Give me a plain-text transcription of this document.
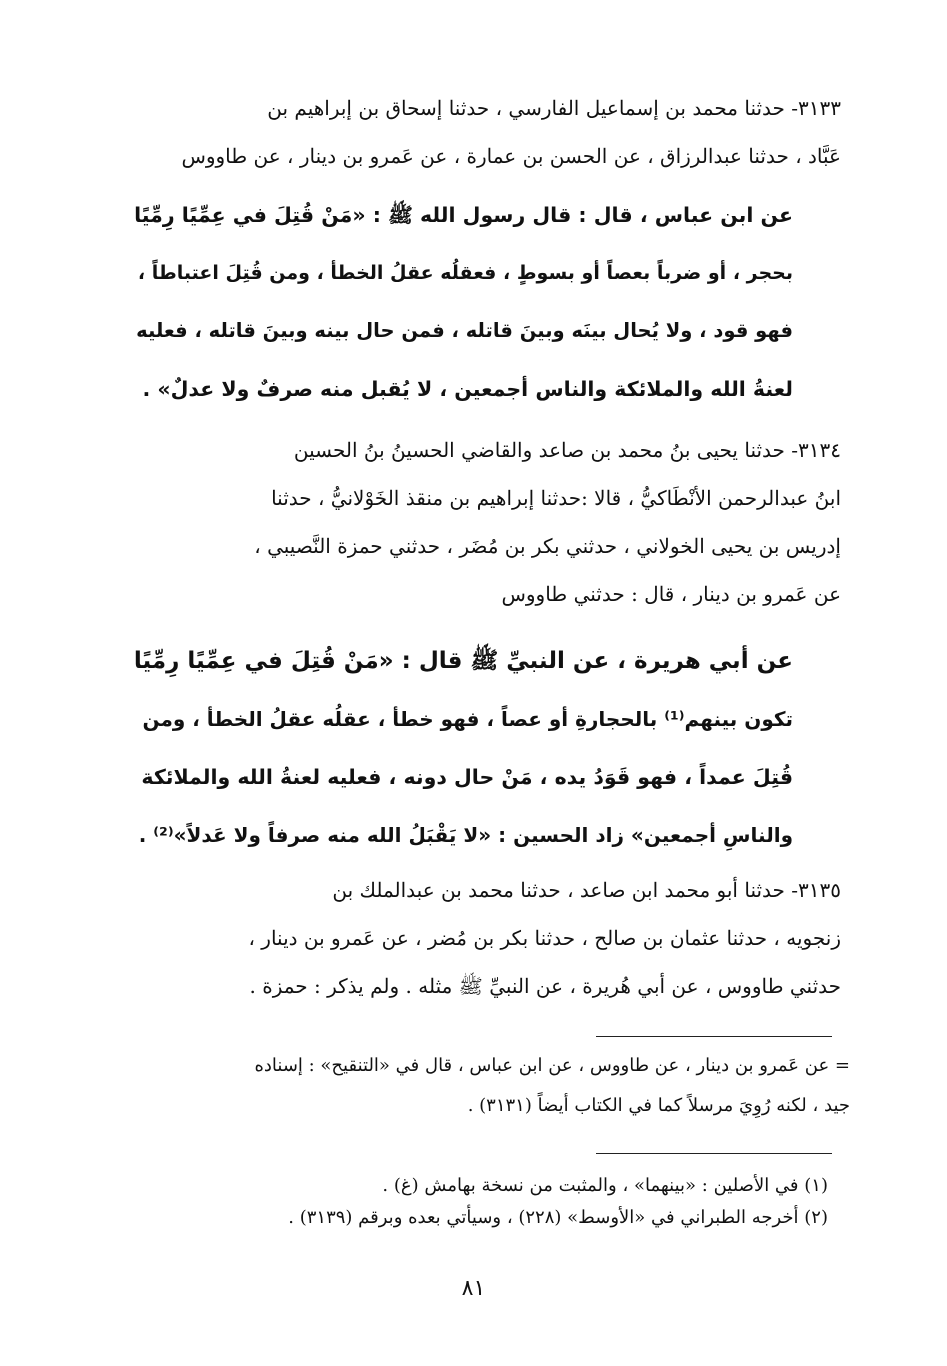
٣١٣٣- حدثنا محمد بن إسماعيل الفارسي ، حدثنا إسحاق بن إبراهيم بن
عَبَّاد ، حدثنا عبدالرزاق ، عن الحسن بن عمارة ، عن عَمرو بن دينار ، عن طاووس
عن ابن عباس ، قال : قال رسول الله ﷺ : «مَنْ قُتِلَ في عِمِّيًا رِمِّيًا
بحجر ، أو ضرباً بعصاً أو بسوطٍ ، فعقلُه عقلُ الخطأ ، ومن قُتِلَ اعتباطاً ،
فهو قود ، ولا يُحال بينَه وبينَ قاتله ، فمن حال بينه وبينَ قاتله ، فعليه
لعنةُ الله والملائكة والناس أجمعين ، لا يُقبل منه صرفٌ ولا عدلٌ» .
٣١٣٤- حدثنا يحيى بنُ محمد بن صاعد والقاضي الحسينُ بنُ الحسين
ابنُ عبدالرحمن الأنْطَاكيُّ ، قالا :حدثنا إبراهيم بن منقذ الخَوْلانيُّ ، حدثنا
إدريس بن يحيى الخولاني ، حدثني بكر بن مُضَر ، حدثني حمزة النَّصيبي ،
عن عَمرو بن دينار ، قال : حدثني طاووس
عن أبي هريرة ، عن النبيِّ ﷺ قال : «مَنْ قُتِلَ في عِمِّيًا رِمِّيًا
تكون بينهم⁽¹⁾ بالحجارةِ أو عصاً ، فهو خطأ ، عقلُه عقلُ الخطأ ، ومن
قُتِلَ عمداً ، فهو قَوَدُ يده ، مَنْ حال دونه ، فعليه لعنةُ الله والملائكة
والناسِ أجمعين» زاد الحسين : «لا يَقْبَلُ الله منه صرفاً ولا عَدلاً»⁽²⁾ .
٣١٣٥- حدثنا أبو محمد ابن صاعد ، حدثنا محمد بن عبدالملك بن
زنجويه ، حدثنا عثمان بن صالح ، حدثنا بكر بن مُضر ، عن عَمرو بن دينار ،
حدثني طاووس ، عن أبي هُريرة ، عن النبيِّ ﷺ مثله . ولم يذكر : حمزة .
= عن عَمرو بن دينار ، عن طاووس ، عن ابن عباس ، قال في «التنقيح» : إسناده
جيد ، لكنه رُوِيَ مرسلاً كما في الكتاب أيضاً (٣١٣١) .
(١) في الأصلين : «بينهما» ، والمثبت من نسخة بهامش (غ) .
(٢) أخرجه الطبراني في «الأوسط» (٢٢٨) ، وسيأتي بعده وبرقم (٣١٣٩) .
٨١
